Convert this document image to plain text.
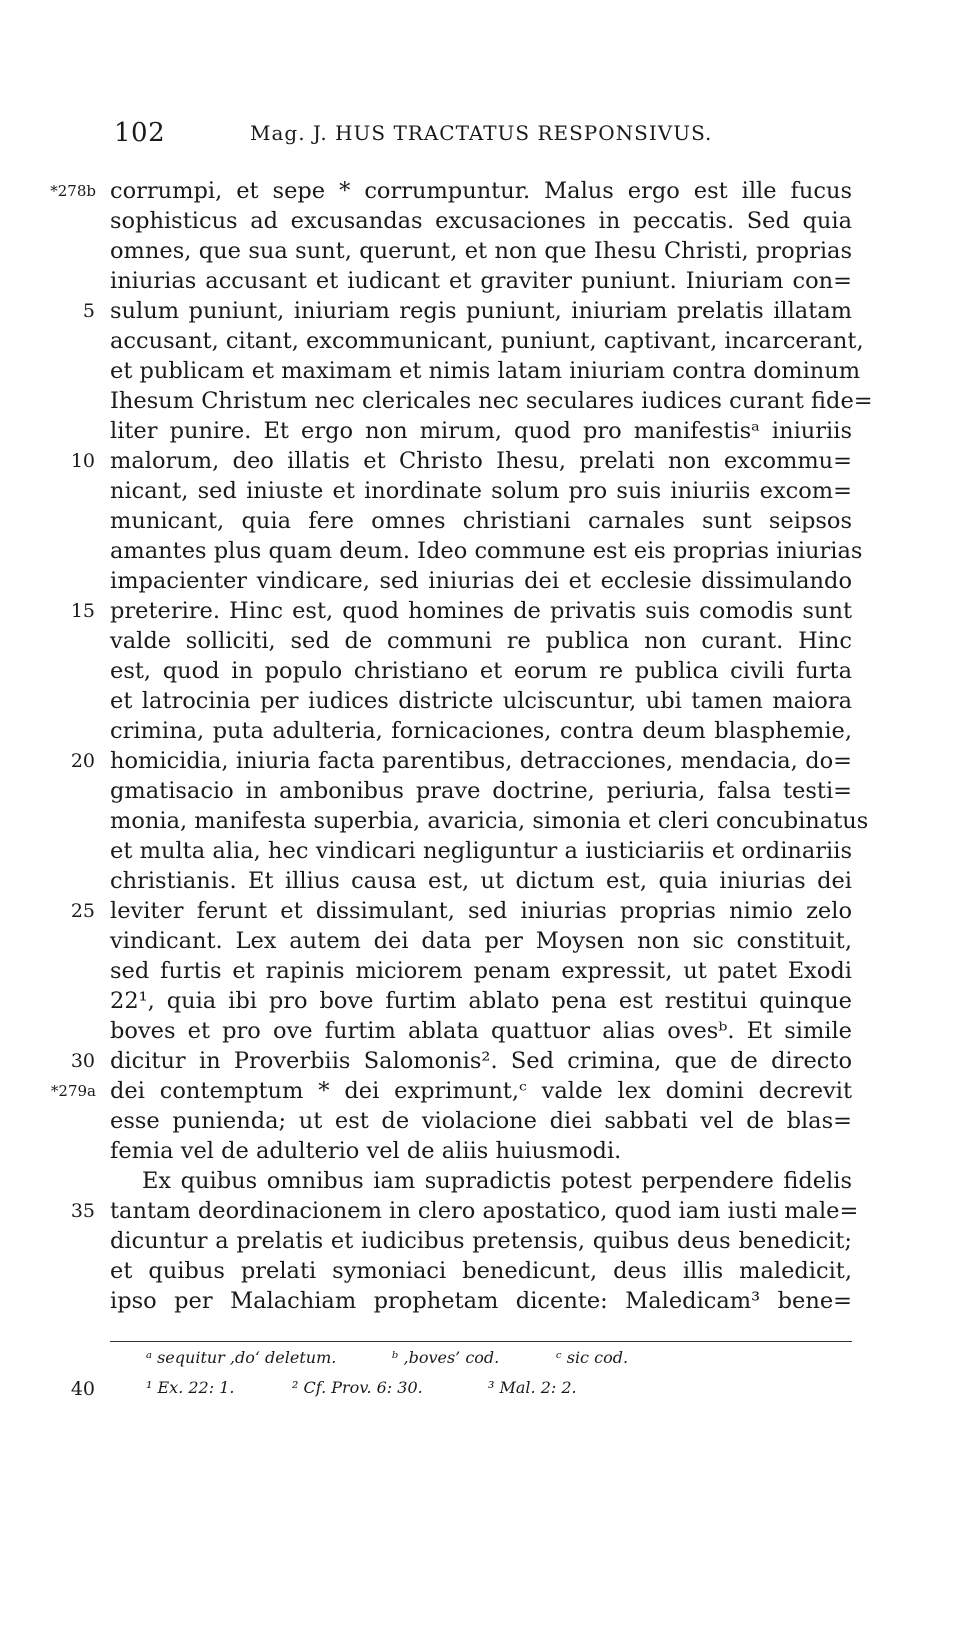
102	Mag. J. HUS TRACTATUS RESPONSIVUS.
*278b corrumpi, et sepe * corrumpuntur. Malus ergo est ille fucus
sophisticus ad excusandas excusaciones in peccatis. Sed quia
omnes, que sua sunt, querunt, et non que Ihesu Christi, proprias
iniurias accusant et iudicant et graviter puniunt. Iniuriam con=
5 sulum puniunt, iniuriam regis puniunt, iniuriam prelatis illatam
accusant, citant, excommunicant, puniunt, captivant, incarcerant,
et publicam et maximam et nimis latam iniuriam contra dominum
Ihesum Christum nec clericales nec seculares iudices curant fide=
liter punire. Et ergo non mirum, quod pro manifestisᵃ iniuriis
10 malorum, deo illatis et Christo Ihesu, prelati non excommu=
nicant, sed iniuste et inordinate solum pro suis iniuriis excom=
municant, quia fere omnes christiani carnales sunt seipsos
amantes plus quam deum. Ideo commune est eis proprias iniurias
impacienter vindicare, sed iniurias dei et ecclesie dissimulando
15 preterire. Hinc est, quod homines de privatis suis comodis sunt
valde solliciti, sed de communi re publica non curant. Hinc
est, quod in populo christiano et eorum re publica civili furta
et latrocinia per iudices districte ulciscuntur, ubi tamen maiora
crimina, puta adulteria, fornicaciones, contra deum blasphemie,
20 homicidia, iniuria facta parentibus, detracciones, mendacia, do=
gmatisacio in ambonibus prave doctrine, periuria, falsa testi=
monia, manifesta superbia, avaricia, simonia et cleri concubinatus
et multa alia, hec vindicari negliguntur a iusticiariis et ordinariis
christianis. Et illius causa est, ut dictum est, quia iniurias dei
25 leviter ferunt et dissimulant, sed iniurias proprias nimio zelo
vindicant. Lex autem dei data per Moysen non sic constituit,
sed furtis et rapinis miciorem penam expressit, ut patet Exodi
22¹, quia ibi pro bove furtim ablato pena est restitui quinque
boves et pro ove furtim ablata quattuor alias ovesᵇ. Et simile
30 dicitur in Proverbiis Salomonis². Sed crimina, que de directo
*279a dei contemptum * dei exprimunt,ᶜ valde lex domini decrevit
esse punienda; ut est de violacione diei sabbati vel de blas=
femia vel de adulterio vel de aliis huiusmodi.
Ex quibus omnibus iam supradictis potest perpendere fidelis
35 tantam deordinacionem in clero apostatico, quod iam iusti male=
dicuntur a prelatis et iudicibus pretensis, quibus deus benedicit;
et quibus prelati symoniaci benedicunt, deus illis maledicit,
ipso per Malachiam prophetam dicente: Maledicam³ bene=
ᵃ sequitur ,do‘ deletum.	ᵇ ,boves’ cod.	ᶜ sic cod.
40	¹ Ex. 22: 1.	² Cf. Prov. 6: 30.	³ Mal. 2: 2.
